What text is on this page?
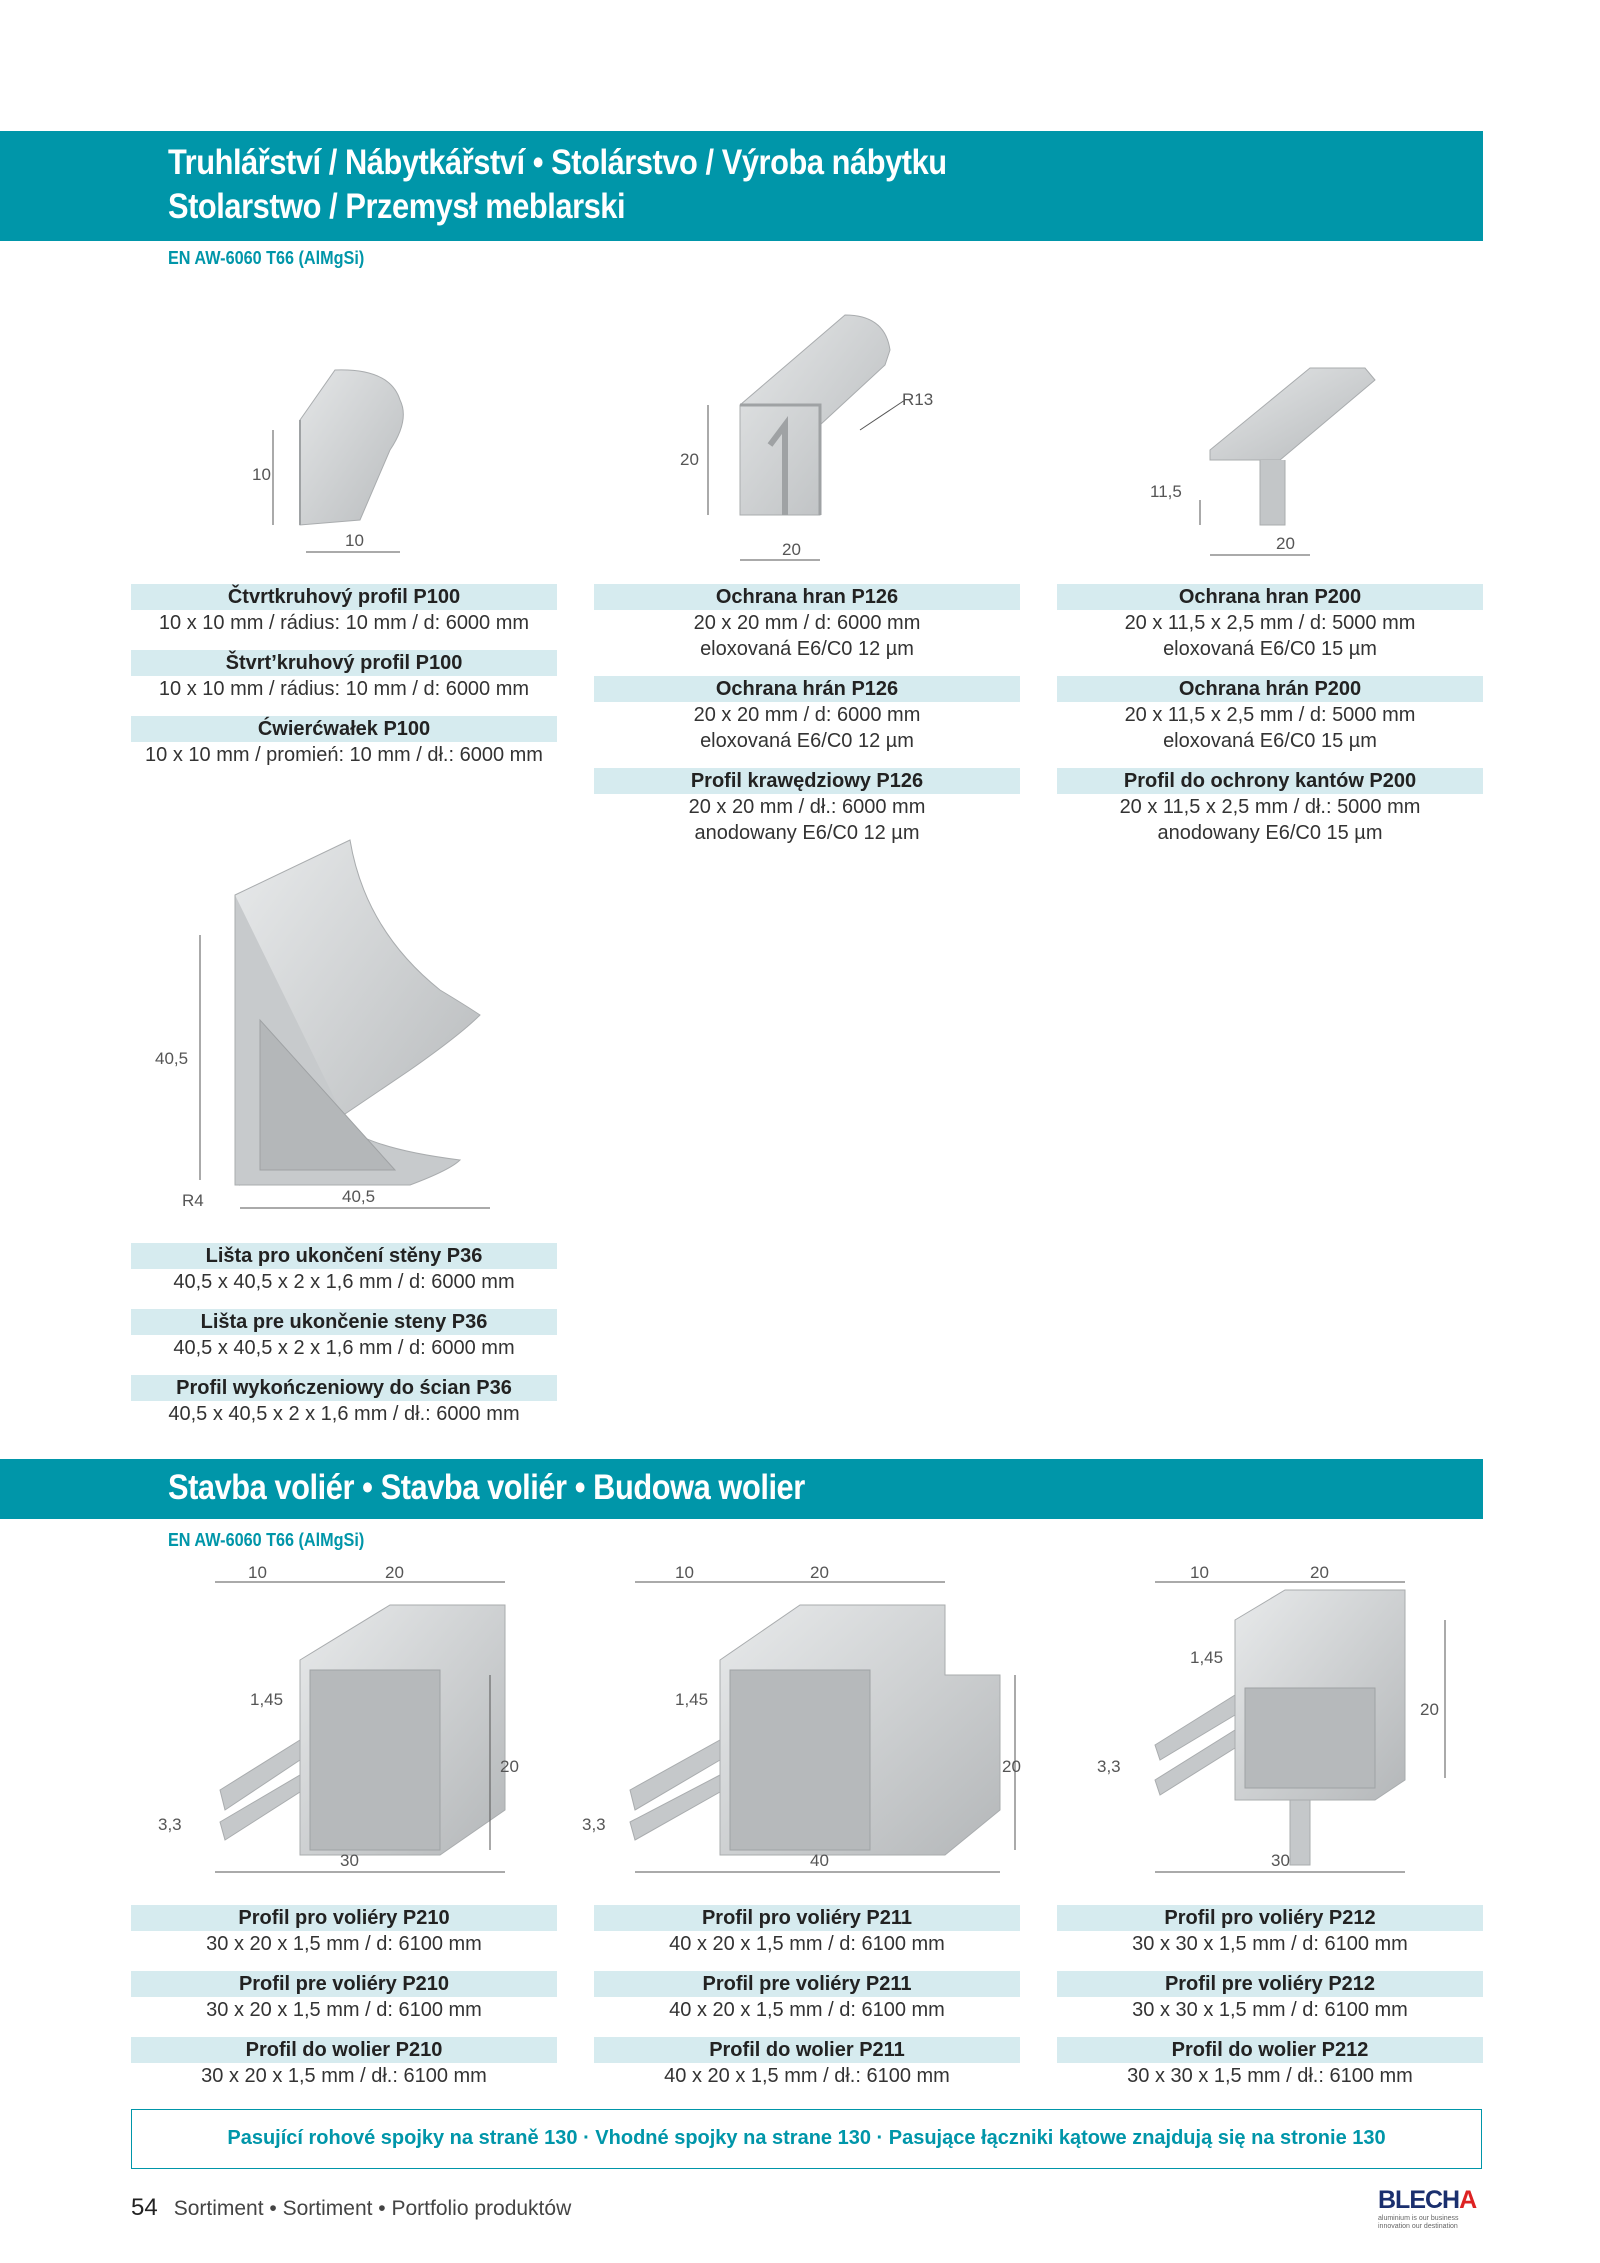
Truhlářství / Nábytkářství • Stolárstvo / Výroba nábytku
Stolarstwo / Przemysł meblarski
EN AW-6060 T66 (AlMgSi)
10
10
R13
20
20
11,5
20
Čtvrtkruhový profil P100
10 x 10 mm / rádius: 10 mm / d: 6000 mm
Štvrt’kruhový profil P100
10 x 10 mm / rádius: 10 mm / d: 6000 mm
Ćwierćwałek P100
10 x 10 mm / promień: 10 mm / dł.: 6000 mm
Ochrana hran P126
20 x 20 mm / d: 6000 mm
eloxovaná E6/C0 12 µm
Ochrana hrán P126
20 x 20 mm / d: 6000 mm
eloxovaná E6/C0 12 µm
Profil krawędziowy P126
20 x 20 mm / dł.: 6000 mm
anodowany E6/C0 12 µm
Ochrana hran P200
20 x 11,5 x 2,5 mm / d: 5000 mm
eloxovaná E6/C0 15 µm
Ochrana hrán P200
20 x 11,5 x 2,5 mm / d: 5000 mm
eloxovaná E6/C0 15 µm
Profil do ochrony kantów P200
20 x 11,5 x 2,5 mm / dł.: 5000 mm
anodowany E6/C0 15 µm
40,5
R4	40,5
Lišta pro ukončení stěny P36
40,5 x 40,5 x 2 x 1,6 mm / d: 6000 mm
Lišta pre ukončenie steny P36
40,5 x 40,5 x 2 x 1,6 mm / d: 6000 mm
Profil wykończeniowy do ścian P36
40,5 x 40,5 x 2 x 1,6 mm / dł.: 6000 mm
Stavba voliér • Stavba voliér • Budowa wolier
EN AW-6060 T66 (AlMgSi)
10	20
1,45
20
3,3
30
10	20
1,45
20
3,3
40
10	20
1,45
20
3,3
30
Profil pro voliéry P210
30 x 20 x 1,5 mm / d: 6100 mm
Profil pre voliéry P210
30 x 20 x 1,5 mm / d: 6100 mm
Profil do wolier P210
30 x 20 x 1,5 mm / dł.: 6100 mm
Profil pro voliéry P211
40 x 20 x 1,5 mm / d: 6100 mm
Profil pre voliéry P211
40 x 20 x 1,5 mm / d: 6100 mm
Profil do wolier P211
40 x 20 x 1,5 mm / dł.: 6100 mm
Profil pro voliéry P212
30 x 30 x 1,5 mm / d: 6100 mm
Profil pre voliéry P212
30 x 30 x 1,5 mm / d: 6100 mm
Profil do wolier P212
30 x 30 x 1,5 mm / dł.: 6100 mm
Pasující rohové spojky na straně 130 · Vhodné spojky na strane 130 · Pasujące łączniki kątowe znajdują się na stronie 130
54 Sortiment • Sortiment • Portfolio produktów	BLECHA
aluminium is our business
innovation our destination
